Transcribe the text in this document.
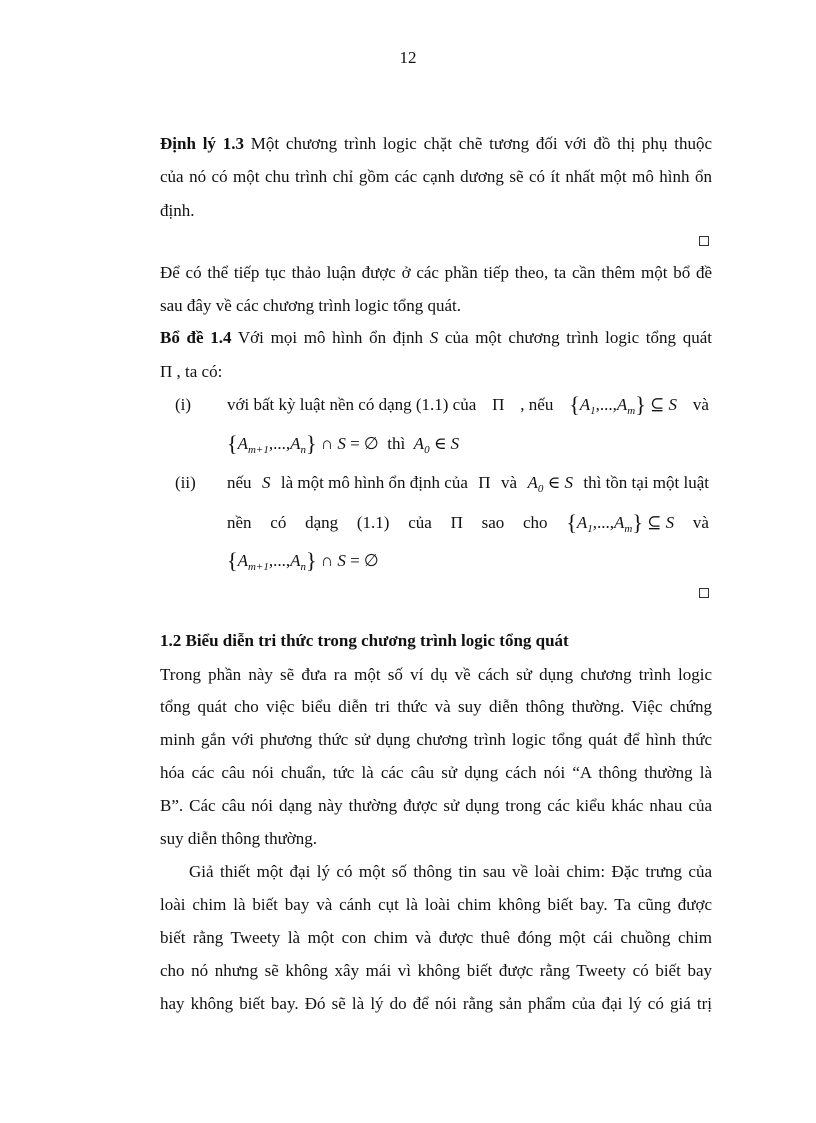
12
Định lý 1.3 Một chương trình logic chặt chẽ tương đối với đồ thị phụ thuộc
của nó có một chu trình chỉ gồm các cạnh dương sẽ có ít nhất một mô hình ổn
định.
Để có thể tiếp tục thảo luận được ở các phần tiếp theo, ta cần thêm một bổ đề
sau đây về các chương trình logic tổng quát.
Bổ đề 1.4 Với mọi mô hình ổn định S của một chương trình logic tổng quát
Π , ta có:
(i) với bất kỳ luật nền có dạng (1.1) của Π , nếu $\{A_1,...,A_m\}$ ⊆ S và
$\{A_{m+1},...,A_n\}$ ∩ S = ∅  thì $A_0$ ∈ S
(ii) nếu S là một mô hình ổn định của Π và $A_0$ ∈ S thì tồn tại một luật
nền có dạng (1.1) của Π sao cho $\{A_1,...,A_m\}$ ⊆ S và
$\{A_{m+1},...,A_n\}$ ∩ S = ∅
1.2 Biểu diễn tri thức trong chương trình logic tổng quát
Trong phần này sẽ đưa ra một số ví dụ về cách sử dụng chương trình logic
tổng quát cho việc biểu diễn tri thức và suy diễn thông thường. Việc chứng
minh gắn với phương thức sử dụng chương trình logic tổng quát để hình thức
hóa các câu nói chuẩn, tức là các câu sử dụng cách nói “A thông thường là
B”. Các câu nói dạng này thường được sử dụng trong các kiểu khác nhau của
suy diễn thông thường.
Giả thiết một đại lý có một số thông tin sau về loài chim: Đặc trưng của
loài chim là biết bay và cánh cụt là loài chim không biết bay. Ta cũng được
biết rằng Tweety là một con chim và được thuê đóng một cái chuồng chim
cho nó nhưng sẽ không xây mái vì không biết được rằng Tweety có biết bay
hay không biết bay. Đó sẽ là lý do để nói rằng sản phẩm của đại lý có giá trị
